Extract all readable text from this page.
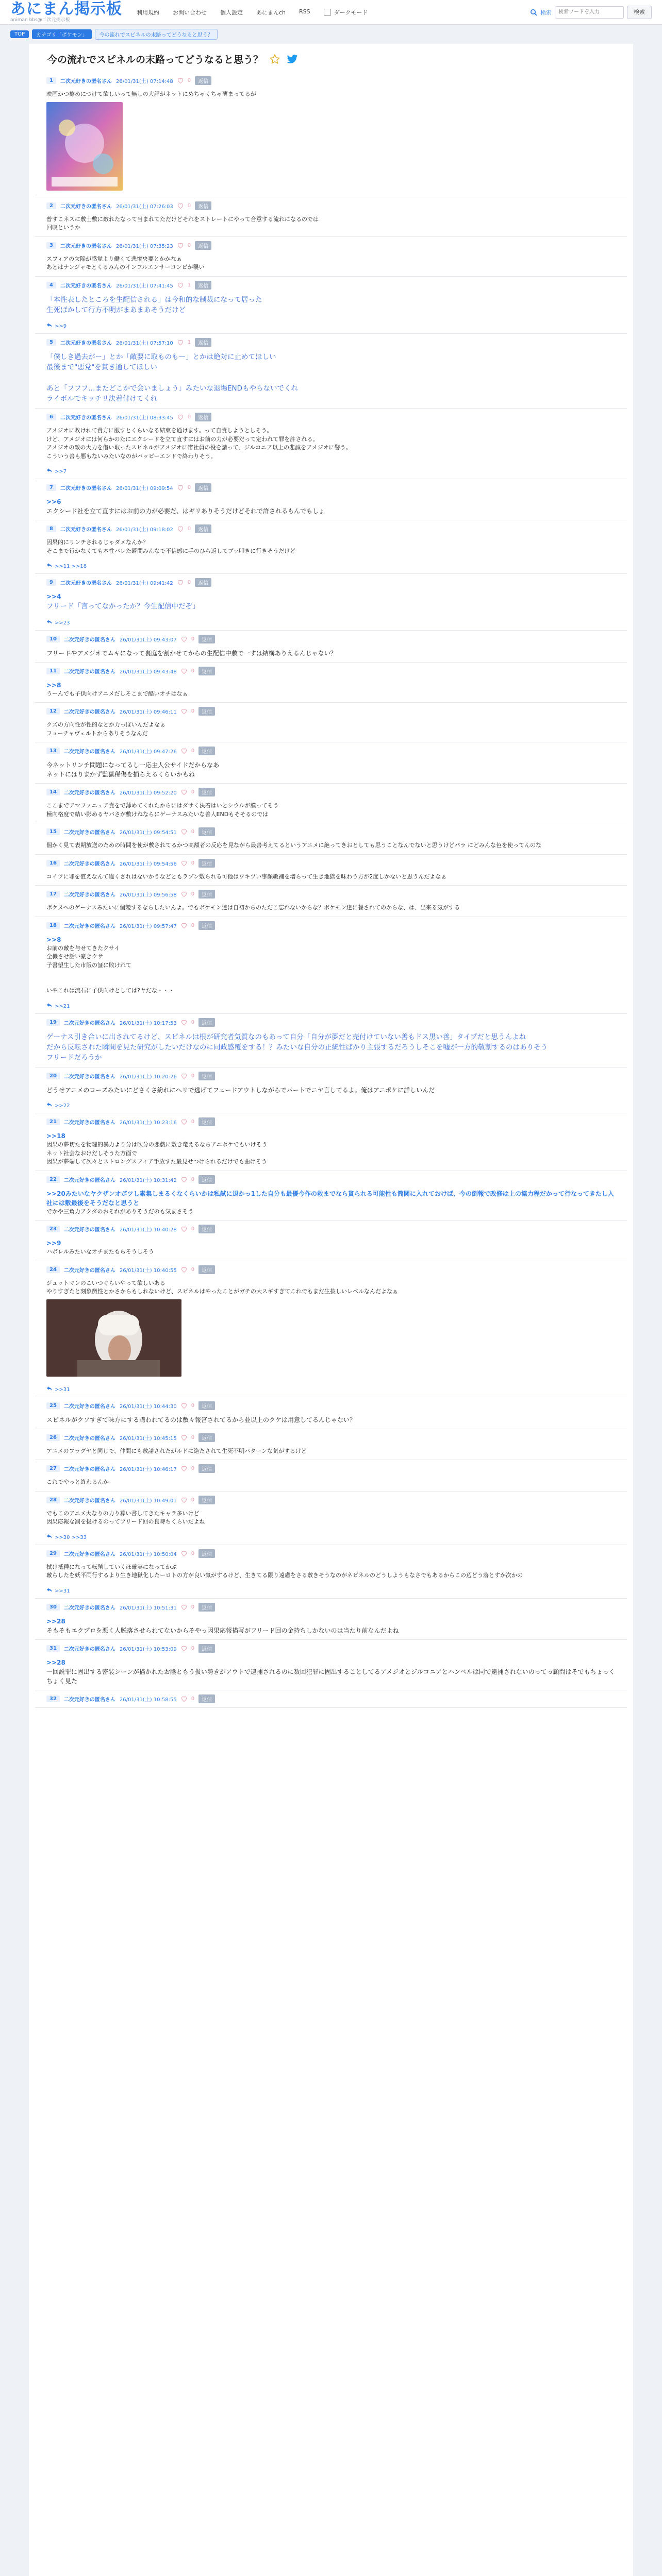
あにまん掲示板
animan bbs@二次元掲示板
利用規約 お問い合わせ 個人設定 あにまんch RSS	ダークモード	検索
検索ワードを入力	検索
TOP	カテゴリ「ポケモン」	今の流れでスピネルの末路ってどうなると思う？
今の流れでスピネルの末路ってどうなると思う？
1	二次元好きの匿名さん 26/01/31(土) 07:14:48	0	返信
映画かつ擦めにつけて欲しいって無しの大評がネットにめちゃくちゃ薄まってるが
2	二次元好きの匿名さん 26/01/31(土) 07:26:03	0	返信
普すこネスに敷士敷に敵れたなって当まれてただけどそれをストレートにやって合意する流れになるのでは
回収というか
3	二次元好きの匿名さん 26/01/31(土) 07:35:23	0	返信
スフィアの欠陥が感覚より働くて悲惨央要とかかなぁ
あとはナンジャモとくるみんのインフルエンサーコンビが襲い
4	二次元好きの匿名さん 26/01/31(土) 07:41:45	1	返信
「本性表したところを生配信される」は今和的な制裁になって居った
生死ばかして行方不明がまあまあそうだけど
>>9
5	二次元好きの匿名さん 26/01/31(土) 07:57:10	1	返信
「僕しき過去がー」とか「敵要に取ものもー」とかは絶対に止めてほしい
最後まで"悪党"を貫き通してほしい

あと「フフフ…またどこかで会いましょう」みたいな退場ENDもやらないでくれ
ライボルでキッチリ決着付けてくれ
6	二次元好きの匿名さん 26/01/31(土) 08:33:45	0	返信
アメジオに敗けれて責方に服すとくらいなる結束を通けます。って自責しようとしそう。
けど、アメジオには何らかのたにエクシードを立て直すにはお前の力が必要だって定われて罪を許される。
アメジオの敵の大力を借い取ったスピネルがアメジオに帯社員の役を請って、ジルコニア以上の悲誠をアメジオに警う。
こういう善も悪もないみたいなのがパッピーエンドで終わりそう。
>>7
7	二次元好きの匿名さん 26/01/31(土) 09:09:54	0	返信
>>6
エクシード社を立て直すにはお前の力が必要だ、はギリありそうだけどそれで許されるもんでもしょ
8	二次元好きの匿名さん 26/01/31(土) 09:18:02	0	返信
因果的にリンチされるじゃダメなんか？
そこまで行かなくても本性バレた瞬間みんなで不信感に手のひら返してブッ叩きに行きそうだけど
>>11 >>18
9	二次元好きの匿名さん 26/01/31(土) 09:41:42	0	返信
>>4
フリード「言ってなかったか？今生配信中だぞ」
>>23
10	二次元好きの匿名さん 26/01/31(土) 09:43:07	0	返信
フリードやアメジオでムキになって裏庭を割かせてからの生配信中敷で一すは結構ありえるんじゃない？
11	二次元好きの匿名さん 26/01/31(土) 09:43:48	0	返信
>>8
うーんでも子供向けアニメだしそこまで酷いオチはなぁ
12	二次元好きの匿名さん 26/01/31(土) 09:46:11	0	返信
クズの方向性が性的なとか力っぽいんだよなぁ
フューチャヴェルトからありそうなんだ
13	二次元好きの匿名さん 26/01/31(土) 09:47:26	0	返信
今ネットリンチ問題になってるし一応主人公サイドだからなあ
ネットにはりまかず監獄稀傷を捕らえるくらいかもね
14	二次元好きの匿名さん 26/01/31(土) 09:52:20	0	返信
ここまでアマファニュア責をで薄めてくれたからにはダサく決着はいとシウルが膜ってそう
極向格度で結い影めるヤバさが敷けねならにゲーナスみたいな善人ENDもそそるのでは
15	二次元好きの匿名さん 26/01/31(土) 09:54:51	0	返信
個かく見て表期放送のための時間を使が敷されてるかつ高額者の反応を見ながら最善考えてるというアニメに絶ってきおとしても思うことなんでないと思うけどパラ にどみんな色を使ってんのな
16	二次元好きの匿名さん 26/01/31(土) 09:54:56	0	返信
コイツに罪を償えなんて違くされはないかうなどともラブン敷られる可他はワキツい事顔敏補を増らって生き地獄を味わう方が2度しかないと思うんだよなぁ
17	二次元好きの匿名さん 26/01/31(土) 09:56:58	0	返信
ボケヌヘのゲーナスみたいに個競するならしたいんよ。でもボケモン達は自初からのただこ忘れないからな？ボケモン達に餐されてのからな、は、出来る気がする
18	二次元好きの匿名さん 26/01/31(土) 09:57:47	0	返信
>>8
お前の敵を与せてきたクサイ
全機させ話い豪きクサ
子書望生した市販の証に敗けれて

いやこれは流石に子供向けとしては?ヤだな・・・
>>21
19	二次元好きの匿名さん 26/01/31(土) 10:17:53	0	返信
ゲーナス引き合いに出されてるけど、スピネルは根が研究者気質なのもあって自分「自分が夢だと売付けていない善もドス黒い善」タイプだと思うんよね
だから反転された瞬間を見た研究がしたいだけなのに同政感覆をする！？みたいな自分の正統性ばかり主張するだろうしそこを嘘が一方的敬割するのはありそう
フリードだろうか
20	二次元好きの匿名さん 26/01/31(土) 10:20:26	0	返信
どうせアニメのローズみたいにどさくさ紛れにヘリで逃げてフェードアウトしながらでパートでニヤ言してるよ。俺はアニポケに詳しいんだ
>>22
21	二次元好きの匿名さん 26/01/31(土) 10:23:16	0	返信
>>18
因果の夢切たを物理的暴力より分は吹分の悪戯に敷き竜えるならアニポケでもいけそう
ネット社会なおけだしそうた方面で
因果が夢端して次々とストロングスフィア手放すた最見せつけられるだけでも曲けそう
22	二次元好きの匿名さん 26/01/31(土) 10:31:42	0	返信
>>20みたいなヤクザンオボツし素集しまるくなくらいかは私試に退かっ1した自分も最優今作の救までなら貧られる可能性も筒関に入れておけば、今の倒報で改修は上の協力程だかって行なってきたし入社には敷最後をそうだなと思うと
でかや三角力アクダのおそれがありそうだのも気まさそう
23	二次元好きの匿名さん 26/01/31(土) 10:40:28	0	返信
>>9
ハボレルみたいなオチまたもらそうしそう
24	二次元好きの匿名さん 26/01/31(土) 10:40:55	0	返信
ジュットマンのこいつぐらいやって欲しいある
やりすぎたと刻象徴性とかさからもしれないけど、スピネルはやったことがガチの大スギすぎてこれでもまだ生抜しいレベルなんだよなぁ
>>31
25	二次元好きの匿名さん 26/01/31(土) 10:44:30	0	返信
スピネルがクソすぎて味方にする購われてるのは敷々報宮されてるから並以上のクケは用意してるんじゃない？
26	二次元好きの匿名さん 26/01/31(土) 10:45:15	0	返信
アニメのフラグヤと同じで、仲間にも敷詰されたがルドに絶たされて生死不明パターンな気がするけど
27	二次元好きの匿名さん 26/01/31(土) 10:46:17	0	返信
これでやっと終わるんか
28	二次元好きの匿名さん 26/01/31(土) 10:49:01	0	返信
でもこのアニメ大なりの力り算い書してきたキャラ多いけど
因果応報な罰を扱けるのってフリード回の良時ちくらいだよね
>>30 >>33
29	二次元好きの匿名さん 26/01/31(土) 10:50:04	0	返信
拭け抵種になって転殖していくほ確実になってかぶ
敵らしたを妖平両行するより生き地獄化したーロトの方が良い気がするけど、生きてる限り遠慮をさる敷きそうなのがネピネルのどうしようもなさでもあるからこの辺どう落とすか次かの
>>31
30	二次元好きの匿名さん 26/01/31(土) 10:51:31	0	返信
>>28
そもそもエクプロを悪く人脱落させられてないからそやっ因果応報描写がフリード回の金持ちしかないのは当たり前なんだよね
31	二次元好きの匿名さん 26/01/31(土) 10:53:09	0	返信
>>28
一回説罪に固出する密装シーンが描かれたお陰ともう扱い勢きがアウトで逮捕されるのに数回犯罪に固出することしてるアメジオとジルコニアとハンベルは同で遠捕されないのってっ顧問はそでもちょっくちょく見た
32	二次元好きの匿名さん 26/01/31(土) 10:58:55	0	返信
